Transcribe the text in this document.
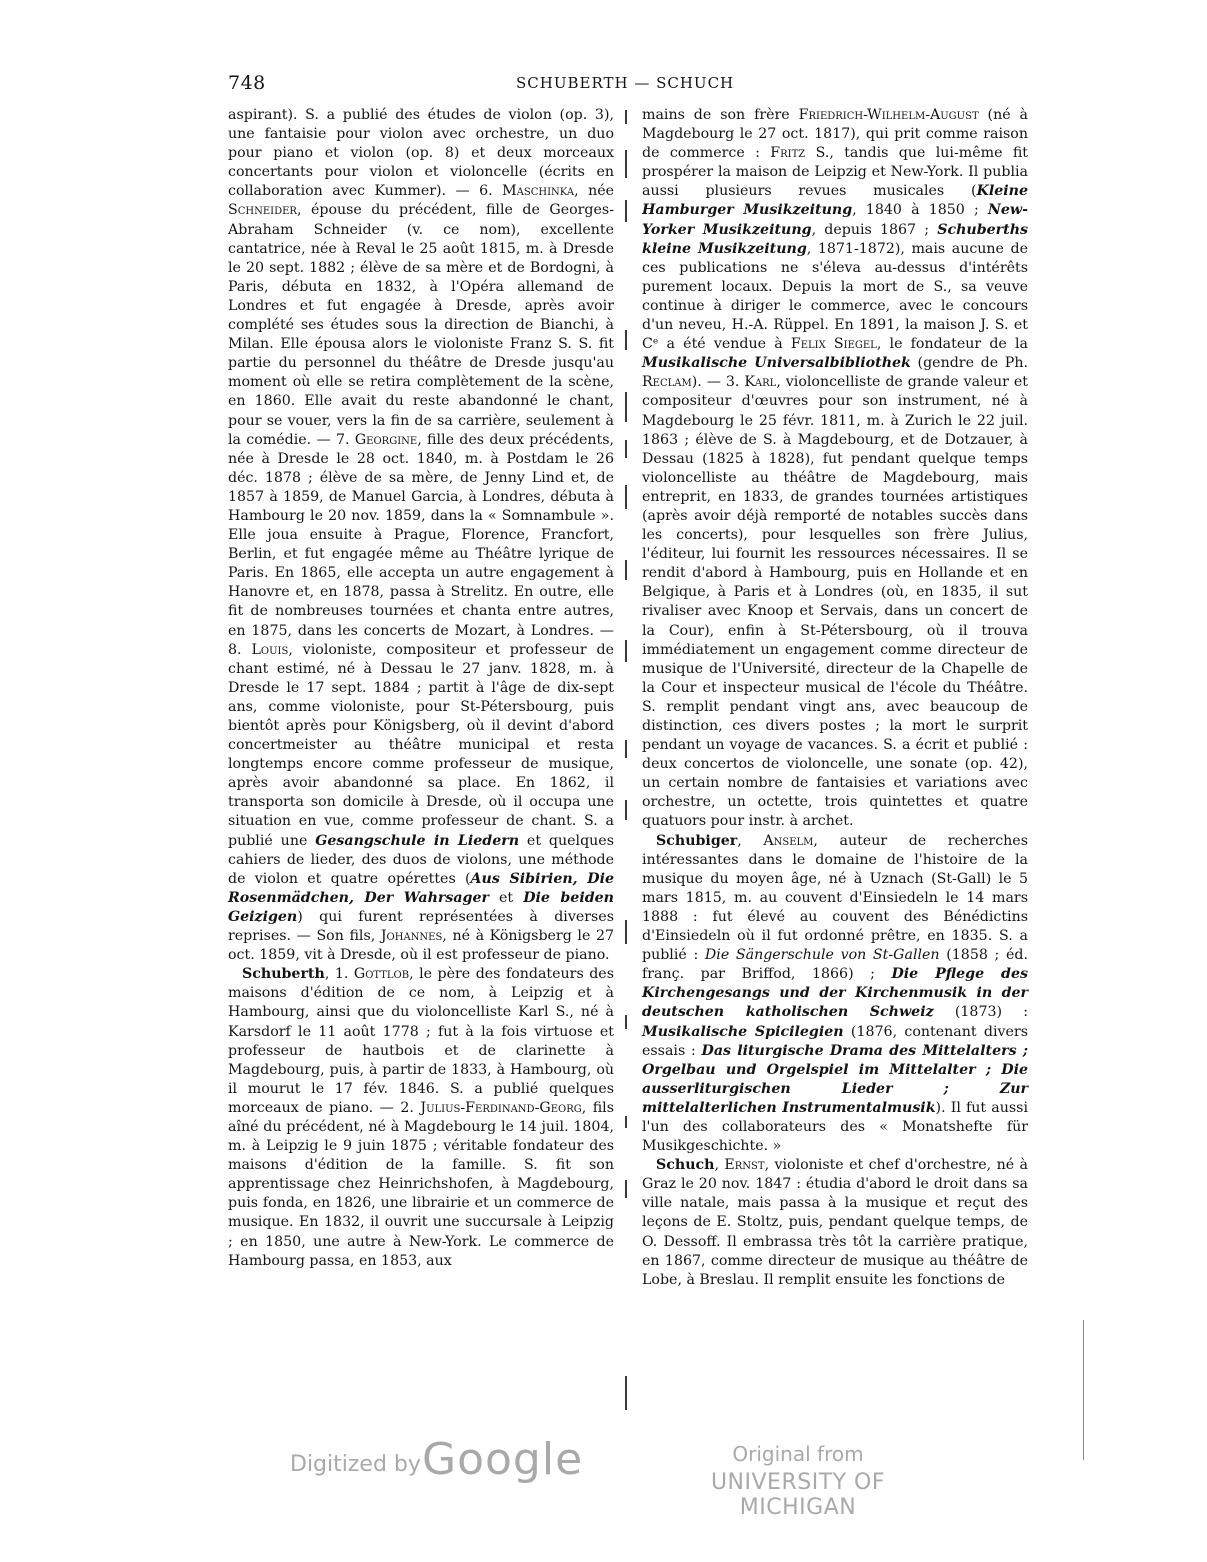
748	SCHUBERTH — SCHUCH

aspirant). S. a publié des études de violon (op. 3), une fantaisie pour violon avec orchestre, un duo pour piano et violon (op. 8) et deux morceaux concertants pour violon et violoncelle (écrits en collaboration avec Kummer). — 6. Maschinka, née Schneider, épouse du précédent, fille de Georges-Abraham Schneider (v. ce nom), excellente cantatrice, née à Reval le 25 août 1815, m. à Dresde le 20 sept. 1882 ; élève de sa mère et de Bordogni, à Paris, débuta en 1832, à l'Opéra allemand de Londres et fut engagée à Dresde, après avoir complété ses études sous la direction de Bianchi, à Milan. Elle épousa alors le violoniste Franz S. S. fit partie du personnel du théâtre de Dresde jusqu'au moment où elle se retira complètement de la scène, en 1860. Elle avait du reste abandonné le chant, pour se vouer, vers la fin de sa carrière, seulement à la comédie. — 7. Georgine, fille des deux précédents, née à Dresde le 28 oct. 1840, m. à Postdam le 26 déc. 1878 ; élève de sa mère, de Jenny Lind et, de 1857 à 1859, de Manuel Garcia, à Londres, débuta à Hambourg le 20 nov. 1859, dans la « Somnambule ». Elle joua ensuite à Prague, Florence, Francfort, Berlin, et fut engagée même au Théâtre lyrique de Paris. En 1865, elle accepta un autre engagement à Hanovre et, en 1878, passa à Strelitz. En outre, elle fit de nombreuses tournées et chanta entre autres, en 1875, dans les concerts de Mozart, à Londres. — 8. Louis, violoniste, compositeur et professeur de chant estimé, né à Dessau le 27 janv. 1828, m. à Dresde le 17 sept. 1884 ; partit à l'âge de dix-sept ans, comme violoniste, pour St-Pétersbourg, puis bientôt après pour Königsberg, où il devint d'abord concertmeister au théâtre municipal et resta longtemps encore comme professeur de musique, après avoir abandonné sa place. En 1862, il transporta son domicile à Dresde, où il occupa une situation en vue, comme professeur de chant. S. a publié une Gesangschule in Liedern et quelques cahiers de lieder, des duos de violons, une méthode de violon et quatre opérettes (Aus Sibirien, Die Rosenmädchen, Der Wahrsager et Die beiden Geizigen) qui furent représentées à diverses reprises. — Son fils, Johannes, né à Königsberg le 27 oct. 1859, vit à Dresde, où il est professeur de piano.

Schuberth, 1. Gottlob, le père des fondateurs des maisons d'édition de ce nom, à Leipzig et à Hambourg, ainsi que du violoncelliste Karl S., né à Karsdorf le 11 août 1778 ; fut à la fois virtuose et professeur de hautbois et de clarinette à Magdebourg, puis, à partir de 1833, à Hambourg, où il mourut le 17 fév. 1846. S. a publié quelques morceaux de piano. — 2. Julius-Ferdinand-Georg, fils aîné du précédent, né à Magdebourg le 14 juil. 1804, m. à Leipzig le 9 juin 1875 ; véritable fondateur des maisons d'édition de la famille. S. fit son apprentissage chez Heinrichshofen, à Magdebourg, puis fonda, en 1826, une librairie et un commerce de musique. En 1832, il ouvrit une succursale à Leipzig ; en 1850, une autre à New-York. Le commerce de Hambourg passa, en 1853, aux

mains de son frère Friedrich-Wilhelm-August (né à Magdebourg le 27 oct. 1817), qui prit comme raison de commerce : Fritz S., tandis que lui-même fit prospérer la maison de Leipzig et New-York. Il publia aussi plusieurs revues musicales (Kleine Hamburger Musikzeitung, 1840 à 1850 ; New-Yorker Musikzeitung, depuis 1867 ; Schuberths kleine Musikzeitung, 1871-1872), mais aucune de ces publications ne s'éleva au-dessus d'intérêts purement locaux. Depuis la mort de S., sa veuve continue à diriger le commerce, avec le concours d'un neveu, H.-A. Rüppel. En 1891, la maison J. S. et Cᵉ a été vendue à Felix Siegel, le fondateur de la Musikalische Universalbibliothek (gendre de Ph. Reclam). — 3. Karl, violoncelliste de grande valeur et compositeur d'œuvres pour son instrument, né à Magdebourg le 25 févr. 1811, m. à Zurich le 22 juil. 1863 ; élève de S. à Magdebourg, et de Dotzauer, à Dessau (1825 à 1828), fut pendant quelque temps violoncelliste au théâtre de Magdebourg, mais entreprit, en 1833, de grandes tournées artistiques (après avoir déjà remporté de notables succès dans les concerts), pour lesquelles son frère Julius, l'éditeur, lui fournit les ressources nécessaires. Il se rendit d'abord à Hambourg, puis en Hollande et en Belgique, à Paris et à Londres (où, en 1835, il sut rivaliser avec Knoop et Servais, dans un concert de la Cour), enfin à St-Pétersbourg, où il trouva immédiatement un engagement comme directeur de musique de l'Université, directeur de la Chapelle de la Cour et inspecteur musical de l'école du Théâtre. S. remplit pendant vingt ans, avec beaucoup de distinction, ces divers postes ; la mort le surprit pendant un voyage de vacances. S. a écrit et publié : deux concertos de violoncelle, une sonate (op. 42), un certain nombre de fantaisies et variations avec orchestre, un octette, trois quintettes et quatre quatuors pour instr. à archet.

Schubiger, Anselm, auteur de recherches intéressantes dans le domaine de l'histoire de la musique du moyen âge, né à Uznach (St-Gall) le 5 mars 1815, m. au couvent d'Einsiedeln le 14 mars 1888 : fut élevé au couvent des Bénédictins d'Einsiedeln où il fut ordonné prêtre, en 1835. S. a publié : Die Sängerschule von St-Gallen (1858 ; éd. franç. par Briffod, 1866) ; Die Pflege des Kirchengesangs und der Kirchenmusik in der deutschen katholischen Schweiz (1873) : Musikalische Spicilegien (1876, contenant divers essais : Das liturgische Drama des Mittelalters ; Orgelbau und Orgelspiel im Mittelalter ; Die ausserliturgischen Lieder ; Zur mittelalterlichen Instrumentalmusik). Il fut aussi l'un des collaborateurs des « Monatshefte für Musikgeschichte. »

Schuch, Ernst, violoniste et chef d'orchestre, né à Graz le 20 nov. 1847 : étudia d'abord le droit dans sa ville natale, mais passa à la musique et reçut des leçons de E. Stoltz, puis, pendant quelque temps, de O. Dessoff. Il embrassa très tôt la carrière pratique, en 1867, comme directeur de musique au théâtre de Lobe, à Breslau. Il remplit ensuite les fonctions de

Digitized by Google	Original from
UNIVERSITY OF MICHIGAN
